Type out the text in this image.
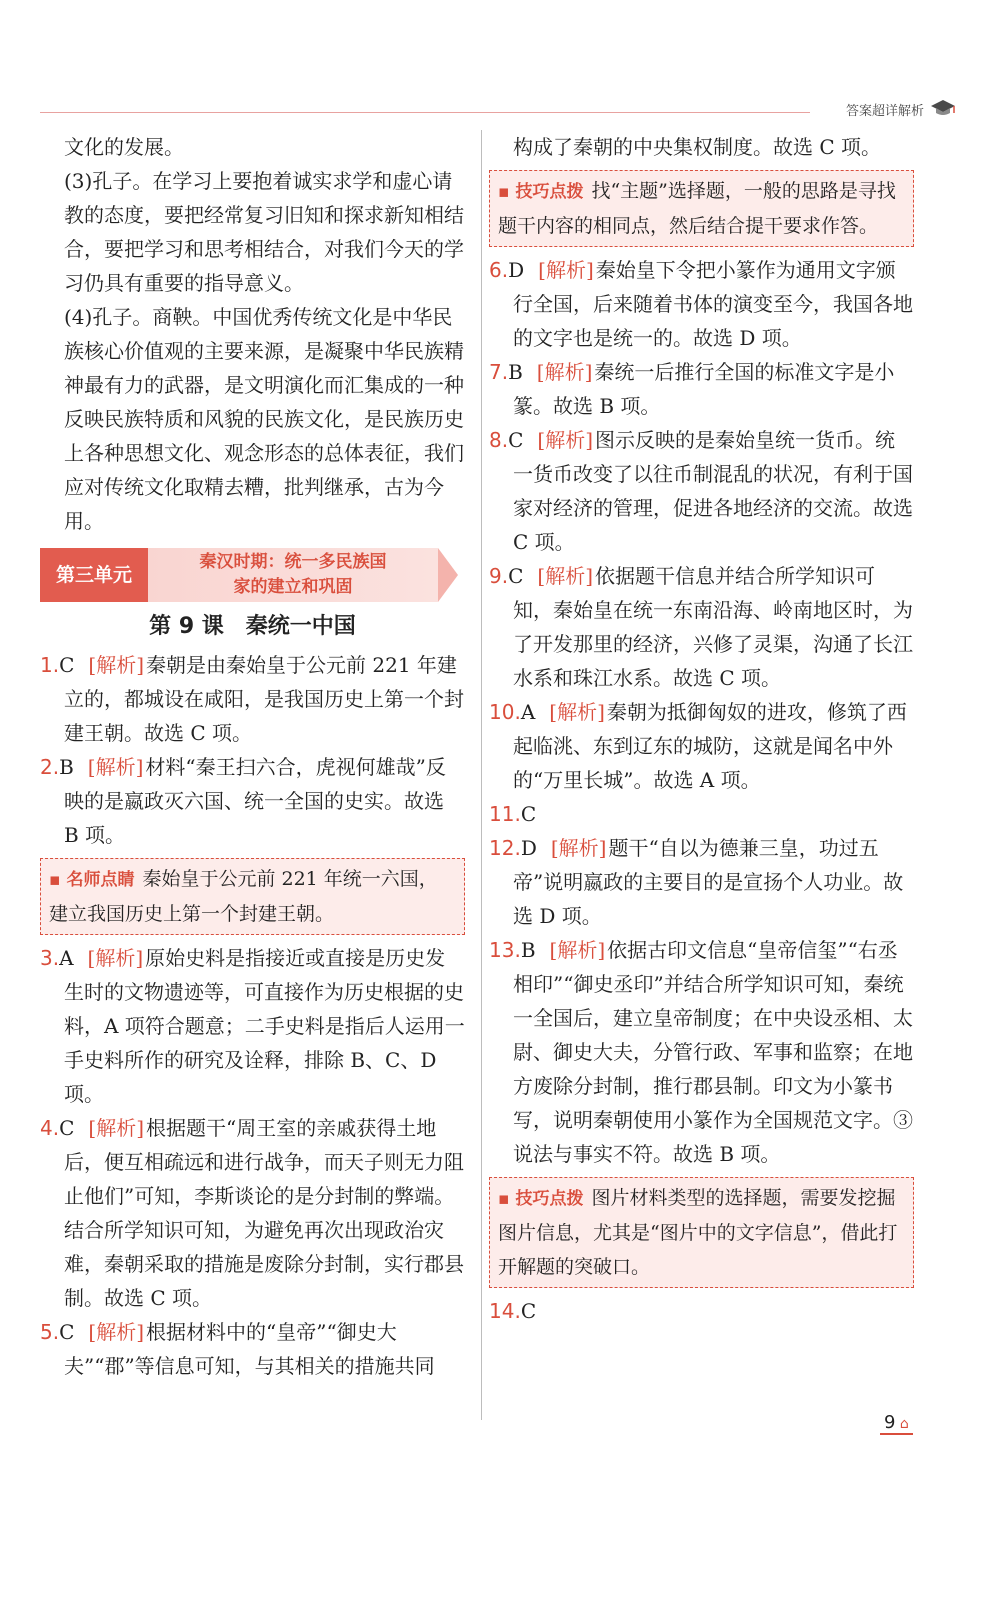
答案超详解析

文化的发展。

(3)孔子。在学习上要抱着诚实求学和虚心请教的态度，要把经常复习旧知和探求新知相结合，要把学习和思考相结合，对我们今天的学习仍具有重要的指导意义。

(4)孔子。商鞅。中国优秀传统文化是中华民族核心价值观的主要来源，是凝聚中华民族精神最有力的武器，是文明演化而汇集成的一种反映民族特质和风貌的民族文化，是民族历史上各种思想文化、观念形态的总体表征，我们应对传统文化取精去糟，批判继承，古为今用。

第三单元
秦汉时期：统一多民族国
家的建立和巩固
第 9 课　秦统一中国
1.C [解析] 秦朝是由秦始皇于公元前 221 年建立的，都城设在咸阳，是我国历史上第一个封建王朝。故选 C 项。
2.B [解析] 材料“秦王扫六合，虎视何雄哉”反映的是嬴政灭六国、统一全国的史实。故选 B 项。
▪ 名师点睛 秦始皇于公元前 221 年统一六国，建立我国历史上第一个封建王朝。
3.A [解析] 原始史料是指接近或直接是历史发生时的文物遗迹等，可直接作为历史根据的史料，A 项符合题意；二手史料是指后人运用一手史料所作的研究及诠释，排除 B、C、D 项。
4.C [解析] 根据题干“周王室的亲戚获得土地后，便互相疏远和进行战争，而天子则无力阻止他们”可知，李斯谈论的是分封制的弊端。结合所学知识可知，为避免再次出现政治灾难，秦朝采取的措施是废除分封制，实行郡县制。故选 C 项。
5.C [解析] 根据材料中的“皇帝”“御史大夫”“郡”等信息可知，与其相关的措施共同

构成了秦朝的中央集权制度。故选 C 项。

▪ 技巧点拨 找“主题”选择题，一般的思路是寻找题干内容的相同点，然后结合提干要求作答。
6.D [解析] 秦始皇下令把小篆作为通用文字颁行全国，后来随着书体的演变至今，我国各地的文字也是统一的。故选 D 项。
7.B [解析] 秦统一后推行全国的标准文字是小篆。故选 B 项。
8.C [解析] 图示反映的是秦始皇统一货币。统一货币改变了以往币制混乱的状况，有利于国家对经济的管理，促进各地经济的交流。故选 C 项。
9.C [解析] 依据题干信息并结合所学知识可知，秦始皇在统一东南沿海、岭南地区时，为了开发那里的经济，兴修了灵渠，沟通了长江水系和珠江水系。故选 C 项。
10.A [解析] 秦朝为抵御匈奴的进攻，修筑了西起临洮、东到辽东的城防，这就是闻名中外的“万里长城”。故选 A 项。
11.C
12.D [解析] 题干“自以为德兼三皇，功过五帝”说明嬴政的主要目的是宣扬个人功业。故选 D 项。
13.B [解析] 依据古印文信息“皇帝信玺”“右丞相印”“御史丞印”并结合所学知识可知，秦统一全国后，建立皇帝制度；在中央设丞相、太尉、御史大夫，分管行政、军事和监察；在地方废除分封制，推行郡县制。印文为小篆书写，说明秦朝使用小篆作为全国规范文字。③说法与事实不符。故选 B 项。
▪ 技巧点拨 图片材料类型的选择题，需要发挖掘图片信息，尤其是“图片中的文字信息”，借此打开解题的突破口。
14.C
9 ⌂
